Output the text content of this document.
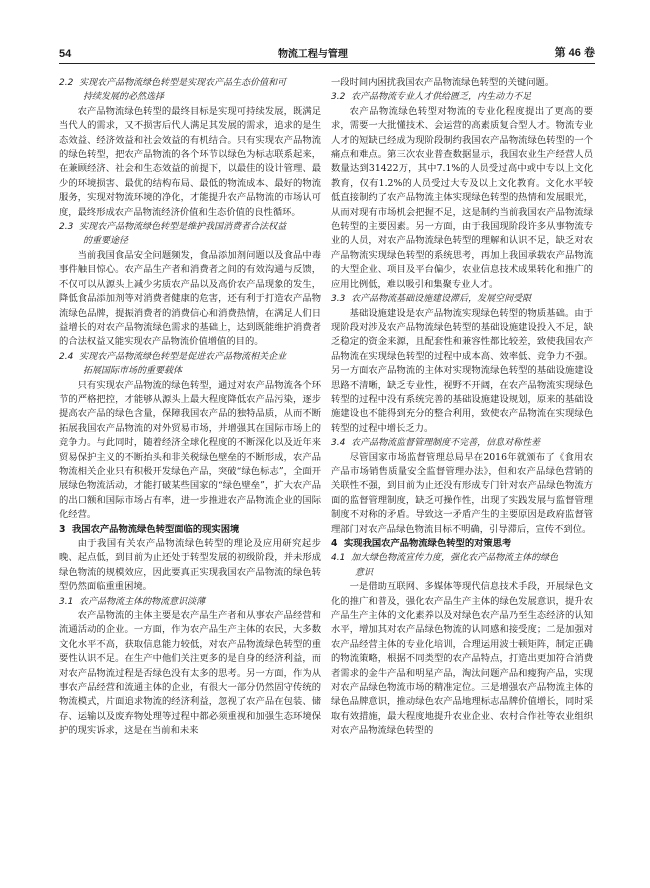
54	物流工程与管理	第 46 卷
2.2 实现农产品物流绿色转型是实现农产品生态价值和可
持续发展的必然选择

农产品物流绿色转型的最终目标是实现可持续发展，既满足当代人的需求，又不损害后代人满足其发展的需求，追求的是生态效益、经济效益和社会效益的有机结合。只有实现农产品物流的绿色转型，把农产品物流的各个环节以绿色为标志联系起来，在兼顾经济、社会和生态效益的前提下，以最佳的设计管理、最少的环境损害、最优的结构布局、最低的物流成本、最好的物流服务，实现对物流环境的净化，才能提升农产品物流的市场认可度，最终形成农产品物流经济价值和生态价值的良性循环。

2.3 实现农产品物流绿色转型是维护我国消费者合法权益
的重要途径

当前我国食品安全问题频发，食品添加剂问题以及食品中毒事件触目惊心。农产品生产者和消费者之间的有效沟通与反馈，不仅可以从源头上减少劣质农产品以及高价农产品现象的发生，降低食品添加剂等对消费者健康的危害，还有利于打造农产品物流绿色品牌，提振消费者的消费信心和消费热情，在满足人们日益增长的对农产品物流绿色需求的基础上，达到既能维护消费者的合法权益又能实现农产品物流价值增值的目的。

2.4 实现农产品物流绿色转型是促进农产品物流相关企业
拓展国际市场的重要载体

只有实现农产品物流的绿色转型，通过对农产品物流各个环节的严格把控，才能够从源头上最大程度降低农产品污染，逐步提高农产品的绿色含量，保障我国农产品的独特品质，从而不断拓展我国农产品物流的对外贸易市场，并增强其在国际市场上的竞争力。与此同时，随着经济全球化程度的不断深化以及近年来贸易保护主义的不断抬头和非关税绿色壁垒的不断形成，农产品物流相关企业只有积极开发绿色产品，突破“绿色标志”，全面开展绿色物流活动，才能打破某些国家的“绿色壁垒”，扩大农产品的出口额和国际市场占有率，进一步推进农产品物流企业的国际化经营。

3 我国农产品物流绿色转型面临的现实困境

由于我国有关农产品物流绿色转型的理论及应用研究起步晚、起点低，到目前为止还处于转型发展的初级阶段，并未形成绿色物流的规模效应，因此要真正实现我国农产品物流的绿色转型仍然面临重重困境。

3.1 农产品物流主体的物流意识淡薄

农产品物流的主体主要是农产品生产者和从事农产品经营和流通活动的企业。一方面，作为农产品生产主体的农民，大多数文化水平不高，获取信息能力较低，对农产品物流绿色转型的重要性认识不足。在生产中他们关注更多的是自身的经济利益，而对农产品物流过程是否绿色没有太多的思考。另一方面，作为从事农产品经营和流通主体的企业，有很大一部分仍然固守传统的物流模式，片面追求物流的经济利益，忽视了农产品在包装、储存、运输以及废弃物处理等过程中都必须重视和加强生态环境保护的现实诉求，这是在当前和未来

一段时间内困扰我国农产品物流绿色转型的关键问题。

3.2 农产品物流专业人才供给匮乏，内生动力不足

农产品物流绿色转型对物流的专业化程度提出了更高的要求，需要一大批懂技术、会运营的高素质复合型人才。物流专业人才的短缺已经成为现阶段制约我国农产品物流绿色转型的一个痛点和难点。第三次农业普查数据显示，我国农业生产经营人员数量达到31422万，其中7.1%的人员受过高中或中专以上文化教育，仅有1.2%的人员受过大专及以上文化教育。文化水平较低直接制约了农产品物流主体实现绿色转型的热情和发展眼光，从而对现有市场机会把握不足，这是制约当前我国农产品物流绿色转型的主要因素。另一方面，由于我国现阶段许多从事物流专业的人员，对农产品物流绿色转型的理解和认识不足，缺乏对农产品物流实现绿色转型的系统思考，再加上我国承载农产品物流的大型企业、项目及平台偏少，农业信息技术成果转化和推广的应用比例低，难以吸引和集聚专业人才。

3.3 农产品物流基础设施建设滞后，发展空间受限

基础设施建设是农产品物流实现绿色转型的物质基础。由于现阶段对涉及农产品物流绿色转型的基础设施建设投入不足，缺乏稳定的资金来源，且配套性和兼容性都比较差，致使我国农产品物流在实现绿色转型的过程中成本高、效率低、竞争力不强。另一方面农产品物流的主体对实现物流绿色转型的基础设施建设思路不清晰，缺乏专业性，视野不开阔，在农产品物流实现绿色转型的过程中没有系统完善的基础设施建设规划，原来的基础设施建设也不能得到充分的整合利用，致使农产品物流在实现绿色转型的过程中增长乏力。

3.4 农产品物流监督管理制度不完善，信息对称性差

尽管国家市场监督管理总局早在2016年就颁布了《食用农产品市场销售质量安全监督管理办法》，但和农产品绿色营销的关联性不强，到目前为止还没有形成专门针对农产品绿色物流方面的监督管理制度，缺乏可操作性，出现了实践发展与监督管理制度不对称的矛盾。导致这一矛盾产生的主要原因是政府监督管理部门对农产品绿色物流目标不明确，引导滞后，宣传不到位。

4 实现我国农产品物流绿色转型的对策思考
4.1 加大绿色物流宣传力度，强化农产品物流主体的绿色
意识

一是借助互联网、多媒体等现代信息技术手段，开展绿色文化的推广和普及，强化农产品生产主体的绿色发展意识，提升农产品生产主体的文化素养以及对绿色农产品乃至生态经济的认知水平，增加其对农产品绿色物流的认同感和接受度；二是加强对农产品经营主体的专业化培训，合理运用波士顿矩阵，制定正确的物流策略，根据不同类型的农产品特点，打造出更加符合消费者需求的金牛产品和明星产品，淘汰问题产品和瘦狗产品，实现对农产品绿色物流市场的精准定位。三是增强农产品物流主体的绿色品牌意识，推动绿色农产品地理标志品牌价值增长，同时采取有效措施，最大程度地提升农业企业、农村合作社等农业组织对农产品物流绿色转型的
